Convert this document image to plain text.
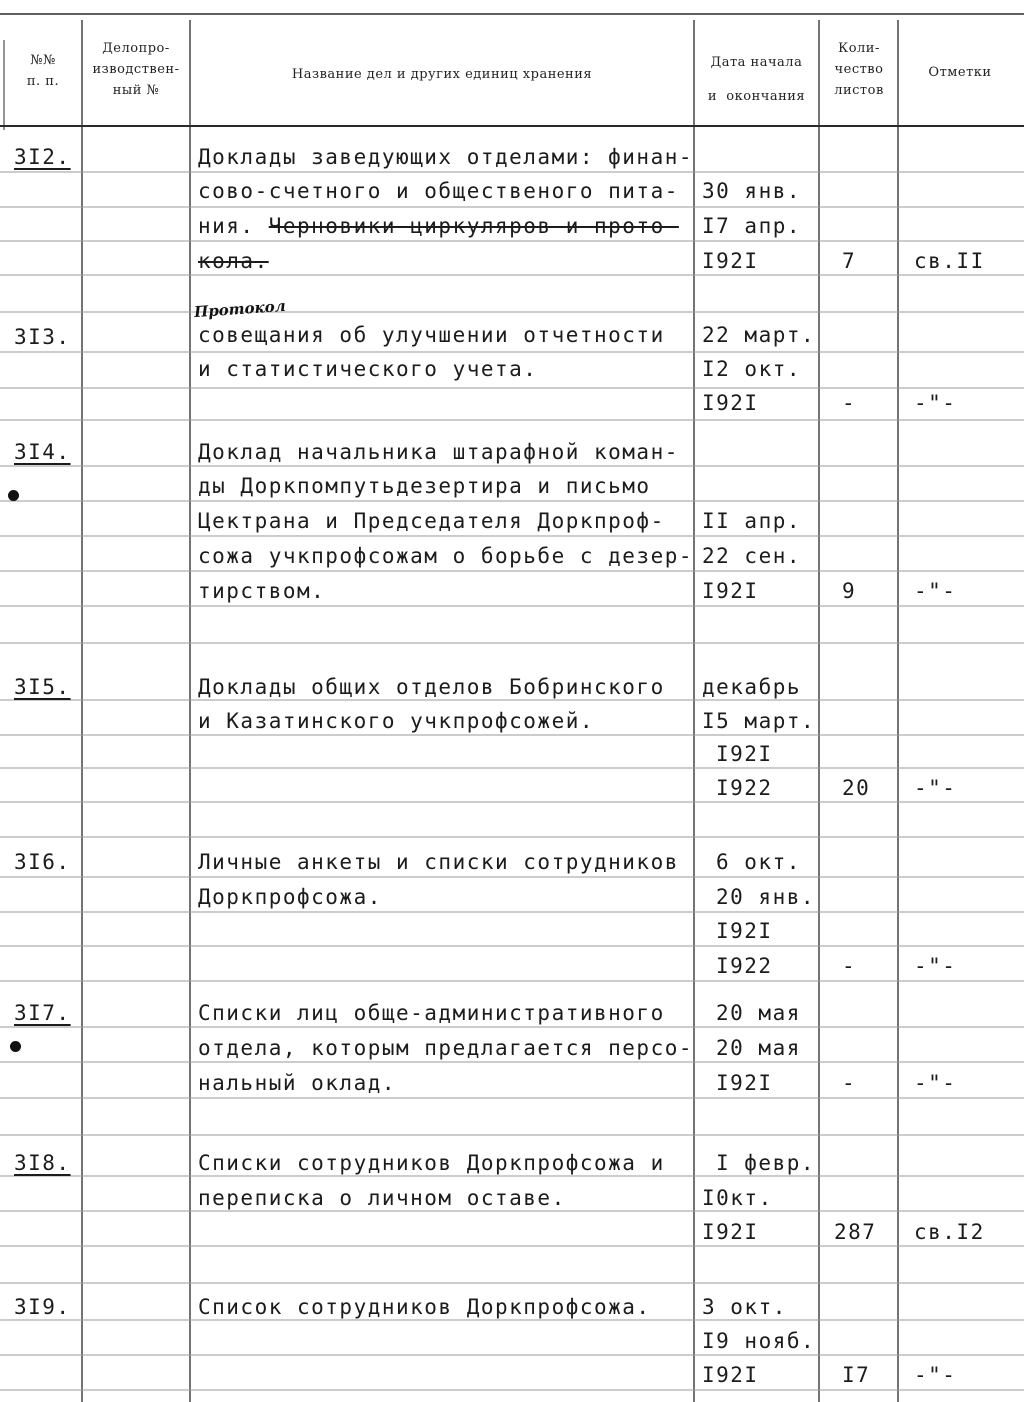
№№
п. п.
Делопро-
изводствен-
ный №
Название дел и других единиц хранения
Дата начала
и  окончания
Коли-
чество
листов
Отметки
Протокол
3I2.	Доклады заведующих отделами: финан-
сово-счетного и общественого пита-
ния. Черновики циркуляров и прото-
кола.
30 янв.
I7 апр.
I92I	7	св.II
3I3.	совещания об улучшении отчетности
и статистического учета.
22 март.
I2 окт.
I92I	-	-"-
3I4.	Доклад начальника штарафной коман-
ды Доркпомпутьдезертира и письмо
Цектрана и Председателя Доркпроф-
сожа учкпрофсожам о борьбе с дезер-
тирством.
II апр.
22 сен.
I92I	9	-"-
3I5.	Доклады общих отделов Бобринского
и Казатинского учкпрофсожей.
декабрь
I5 март.
I92I
I922	20 -"-
3I6.	Личные анкеты и списки сотрудников
Доркпрофсожа.
6 окт.
20 янв.
I92I
I922	-	-"-
3I7.	Списки лиц обще-административного
отдела, которым предлагается персо-
нальный оклад.
20 мая
20 мая
I92I	-	-"-
3I8.	Списки сотрудников Доркпрофсожа и
переписка о личном оставе.
I февр.
I0кт.
I92I	287 св.I2
3I9.	Список сотрудников Доркпрофсожа. 3 окт.
I9 нояб.
I92I	I7 -"-
